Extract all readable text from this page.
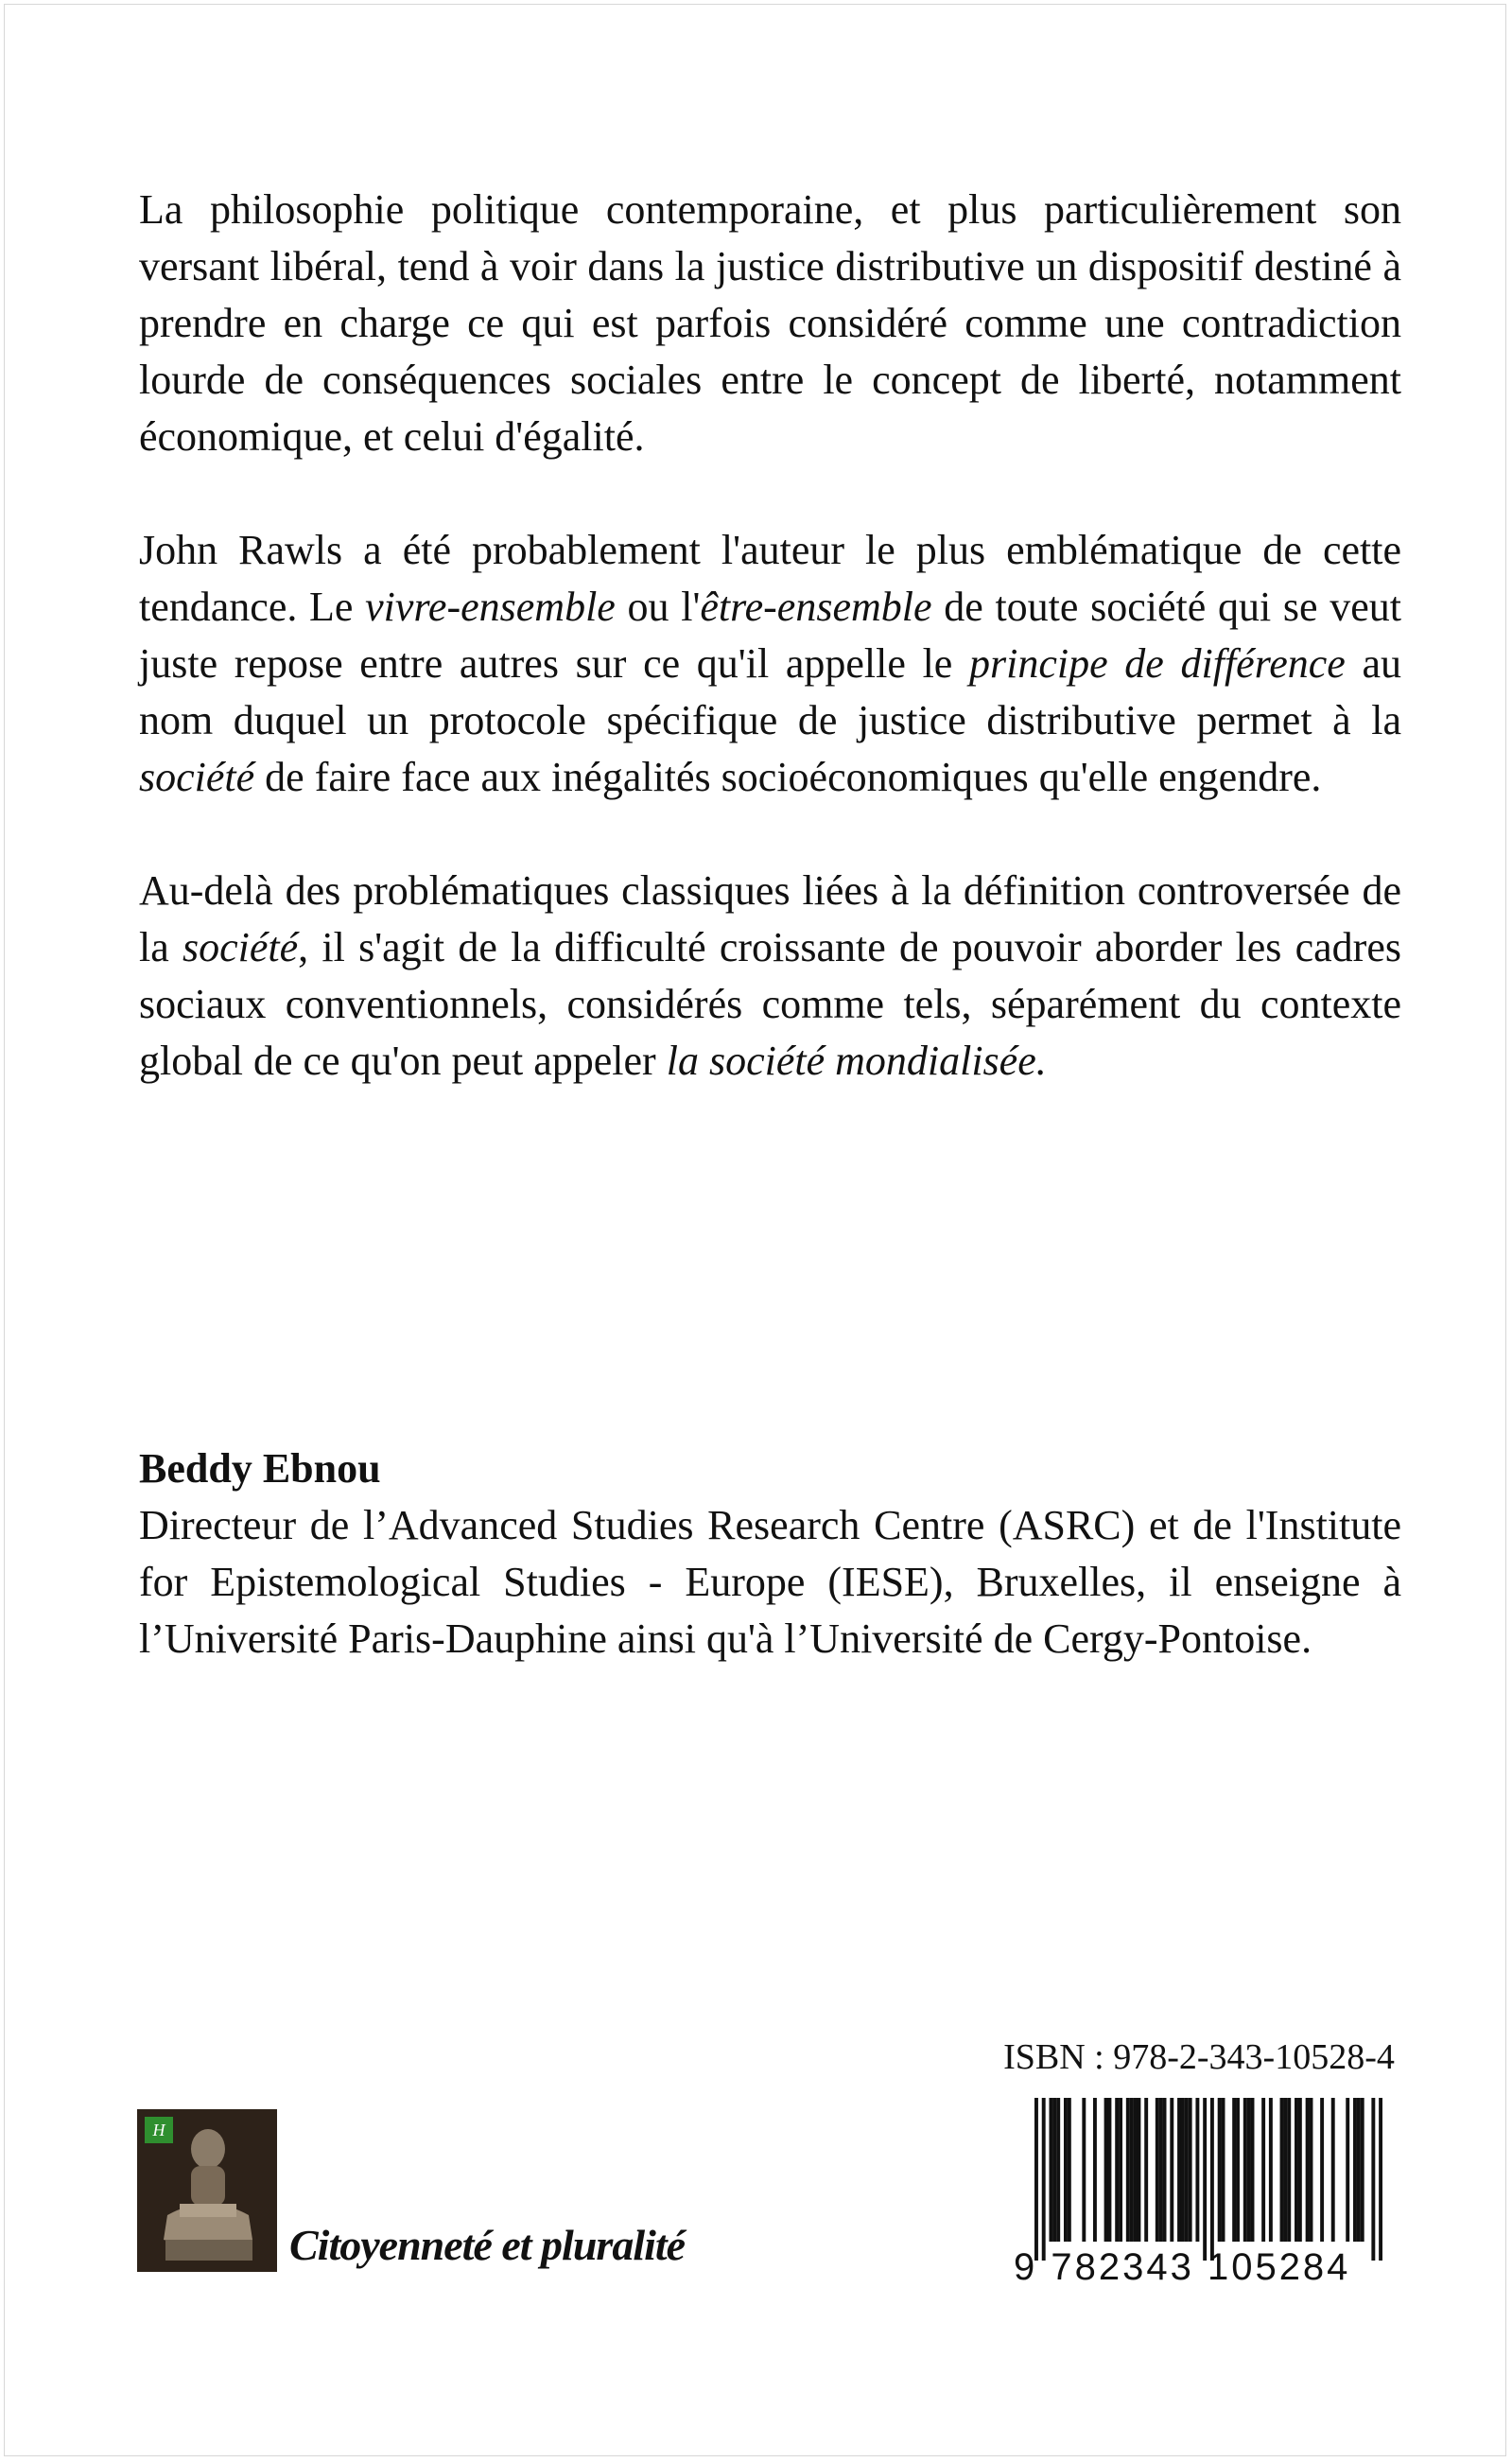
La philosophie politique contemporaine, et plus particulièrement son versant libéral, tend à voir dans la justice distributive un dispositif destiné à prendre en charge ce qui est parfois considéré comme une contradiction lourde de conséquences sociales entre le concept de liberté, notamment économique, et celui d'égalité.

John Rawls a été probablement l'auteur le plus emblématique de cette tendance. Le vivre-ensemble ou l'être-ensemble de toute société qui se veut juste repose entre autres sur ce qu'il appelle le principe de différence au nom duquel un protocole spécifique de justice distributive permet à la société de faire face aux inégalités socioéconomiques qu'elle engendre.

Au-delà des problématiques classiques liées à la définition controversée de la société, il s'agit de la difficulté croissante de pouvoir aborder les cadres sociaux conventionnels, considérés comme tels, séparément du contexte global de ce qu'on peut appeler la société mondialisée.

Beddy Ebnou
Directeur de l’Advanced Studies Research Centre (ASRC) et de l'Institute for Epistemological Studies - Europe (IESE), Bruxelles, il enseigne à l’Université Paris-Dauphine ainsi qu'à l’Université de Cergy-Pontoise.
ISBN : 978-2-343-10528-4
9 782343 105284
H
Citoyenneté et pluralité
